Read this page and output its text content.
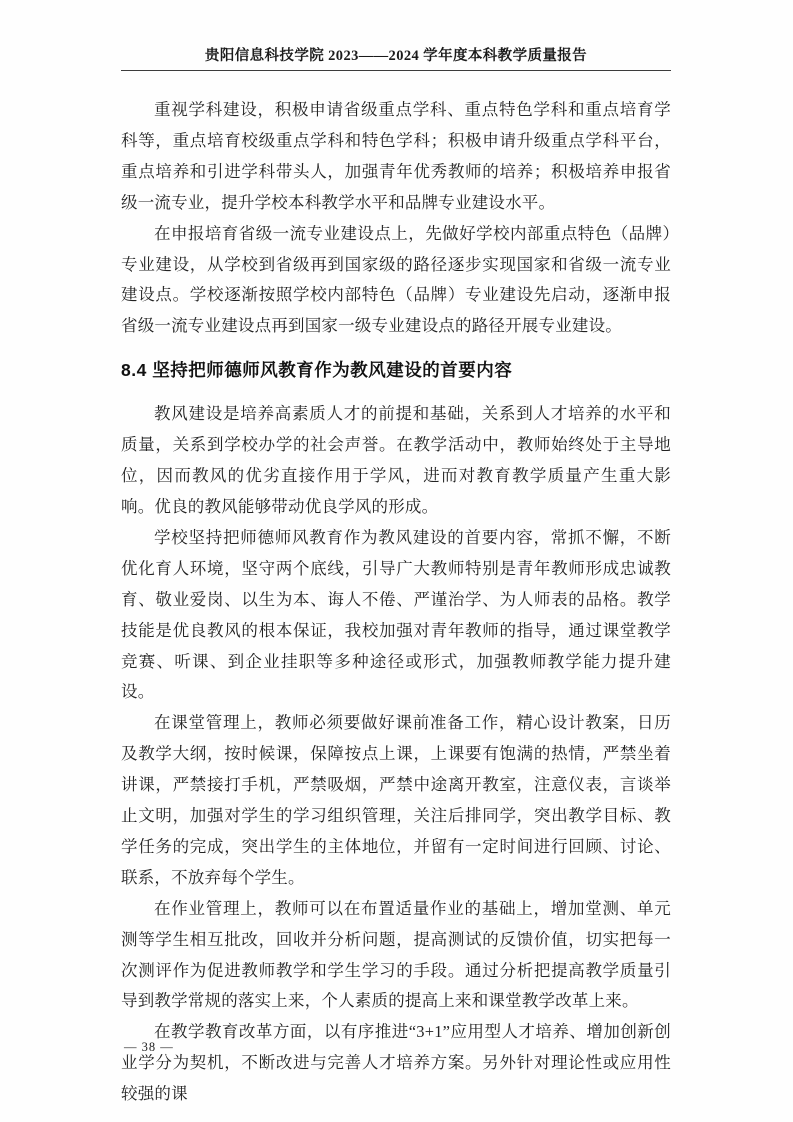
贵阳信息科技学院 2023——2024 学年度本科教学质量报告

重视学科建设，积极申请省级重点学科、重点特色学科和重点培育学科等，重点培育校级重点学科和特色学科；积极申请升级重点学科平台，重点培养和引进学科带头人，加强青年优秀教师的培养；积极培养申报省级一流专业，提升学校本科教学水平和品牌专业建设水平。

在申报培育省级一流专业建设点上，先做好学校内部重点特色（品牌）专业建设，从学校到省级再到国家级的路径逐步实现国家和省级一流专业建设点。学校逐渐按照学校内部特色（品牌）专业建设先启动，逐渐申报省级一流专业建设点再到国家一级专业建设点的路径开展专业建设。

8.4 坚持把师德师风教育作为教风建设的首要内容

教风建设是培养高素质人才的前提和基础，关系到人才培养的水平和质量，关系到学校办学的社会声誉。在教学活动中，教师始终处于主导地位，因而教风的优劣直接作用于学风，进而对教育教学质量产生重大影响。优良的教风能够带动优良学风的形成。

学校坚持把师德师风教育作为教风建设的首要内容，常抓不懈，不断优化育人环境，坚守两个底线，引导广大教师特别是青年教师形成忠诚教育、敬业爱岗、以生为本、诲人不倦、严谨治学、为人师表的品格。教学技能是优良教风的根本保证，我校加强对青年教师的指导，通过课堂教学竞赛、听课、到企业挂职等多种途径或形式，加强教师教学能力提升建设。

在课堂管理上，教师必须要做好课前准备工作，精心设计教案，日历及教学大纲，按时候课，保障按点上课，上课要有饱满的热情，严禁坐着讲课，严禁接打手机，严禁吸烟，严禁中途离开教室，注意仪表，言谈举止文明，加强对学生的学习组织管理，关注后排同学，突出教学目标、教学任务的完成，突出学生的主体地位，并留有一定时间进行回顾、讨论、联系，不放弃每个学生。

在作业管理上，教师可以在布置适量作业的基础上，增加堂测、单元测等学生相互批改，回收并分析问题，提高测试的反馈价值，切实把每一次测评作为促进教师教学和学生学习的手段。通过分析把提高教学质量引导到教学常规的落实上来，个人素质的提高上来和课堂教学改革上来。

在教学教育改革方面，以有序推进“3+1”应用型人才培养、增加创新创业学分为契机，不断改进与完善人才培养方案。另外针对理论性或应用性较强的课

— 38 —
